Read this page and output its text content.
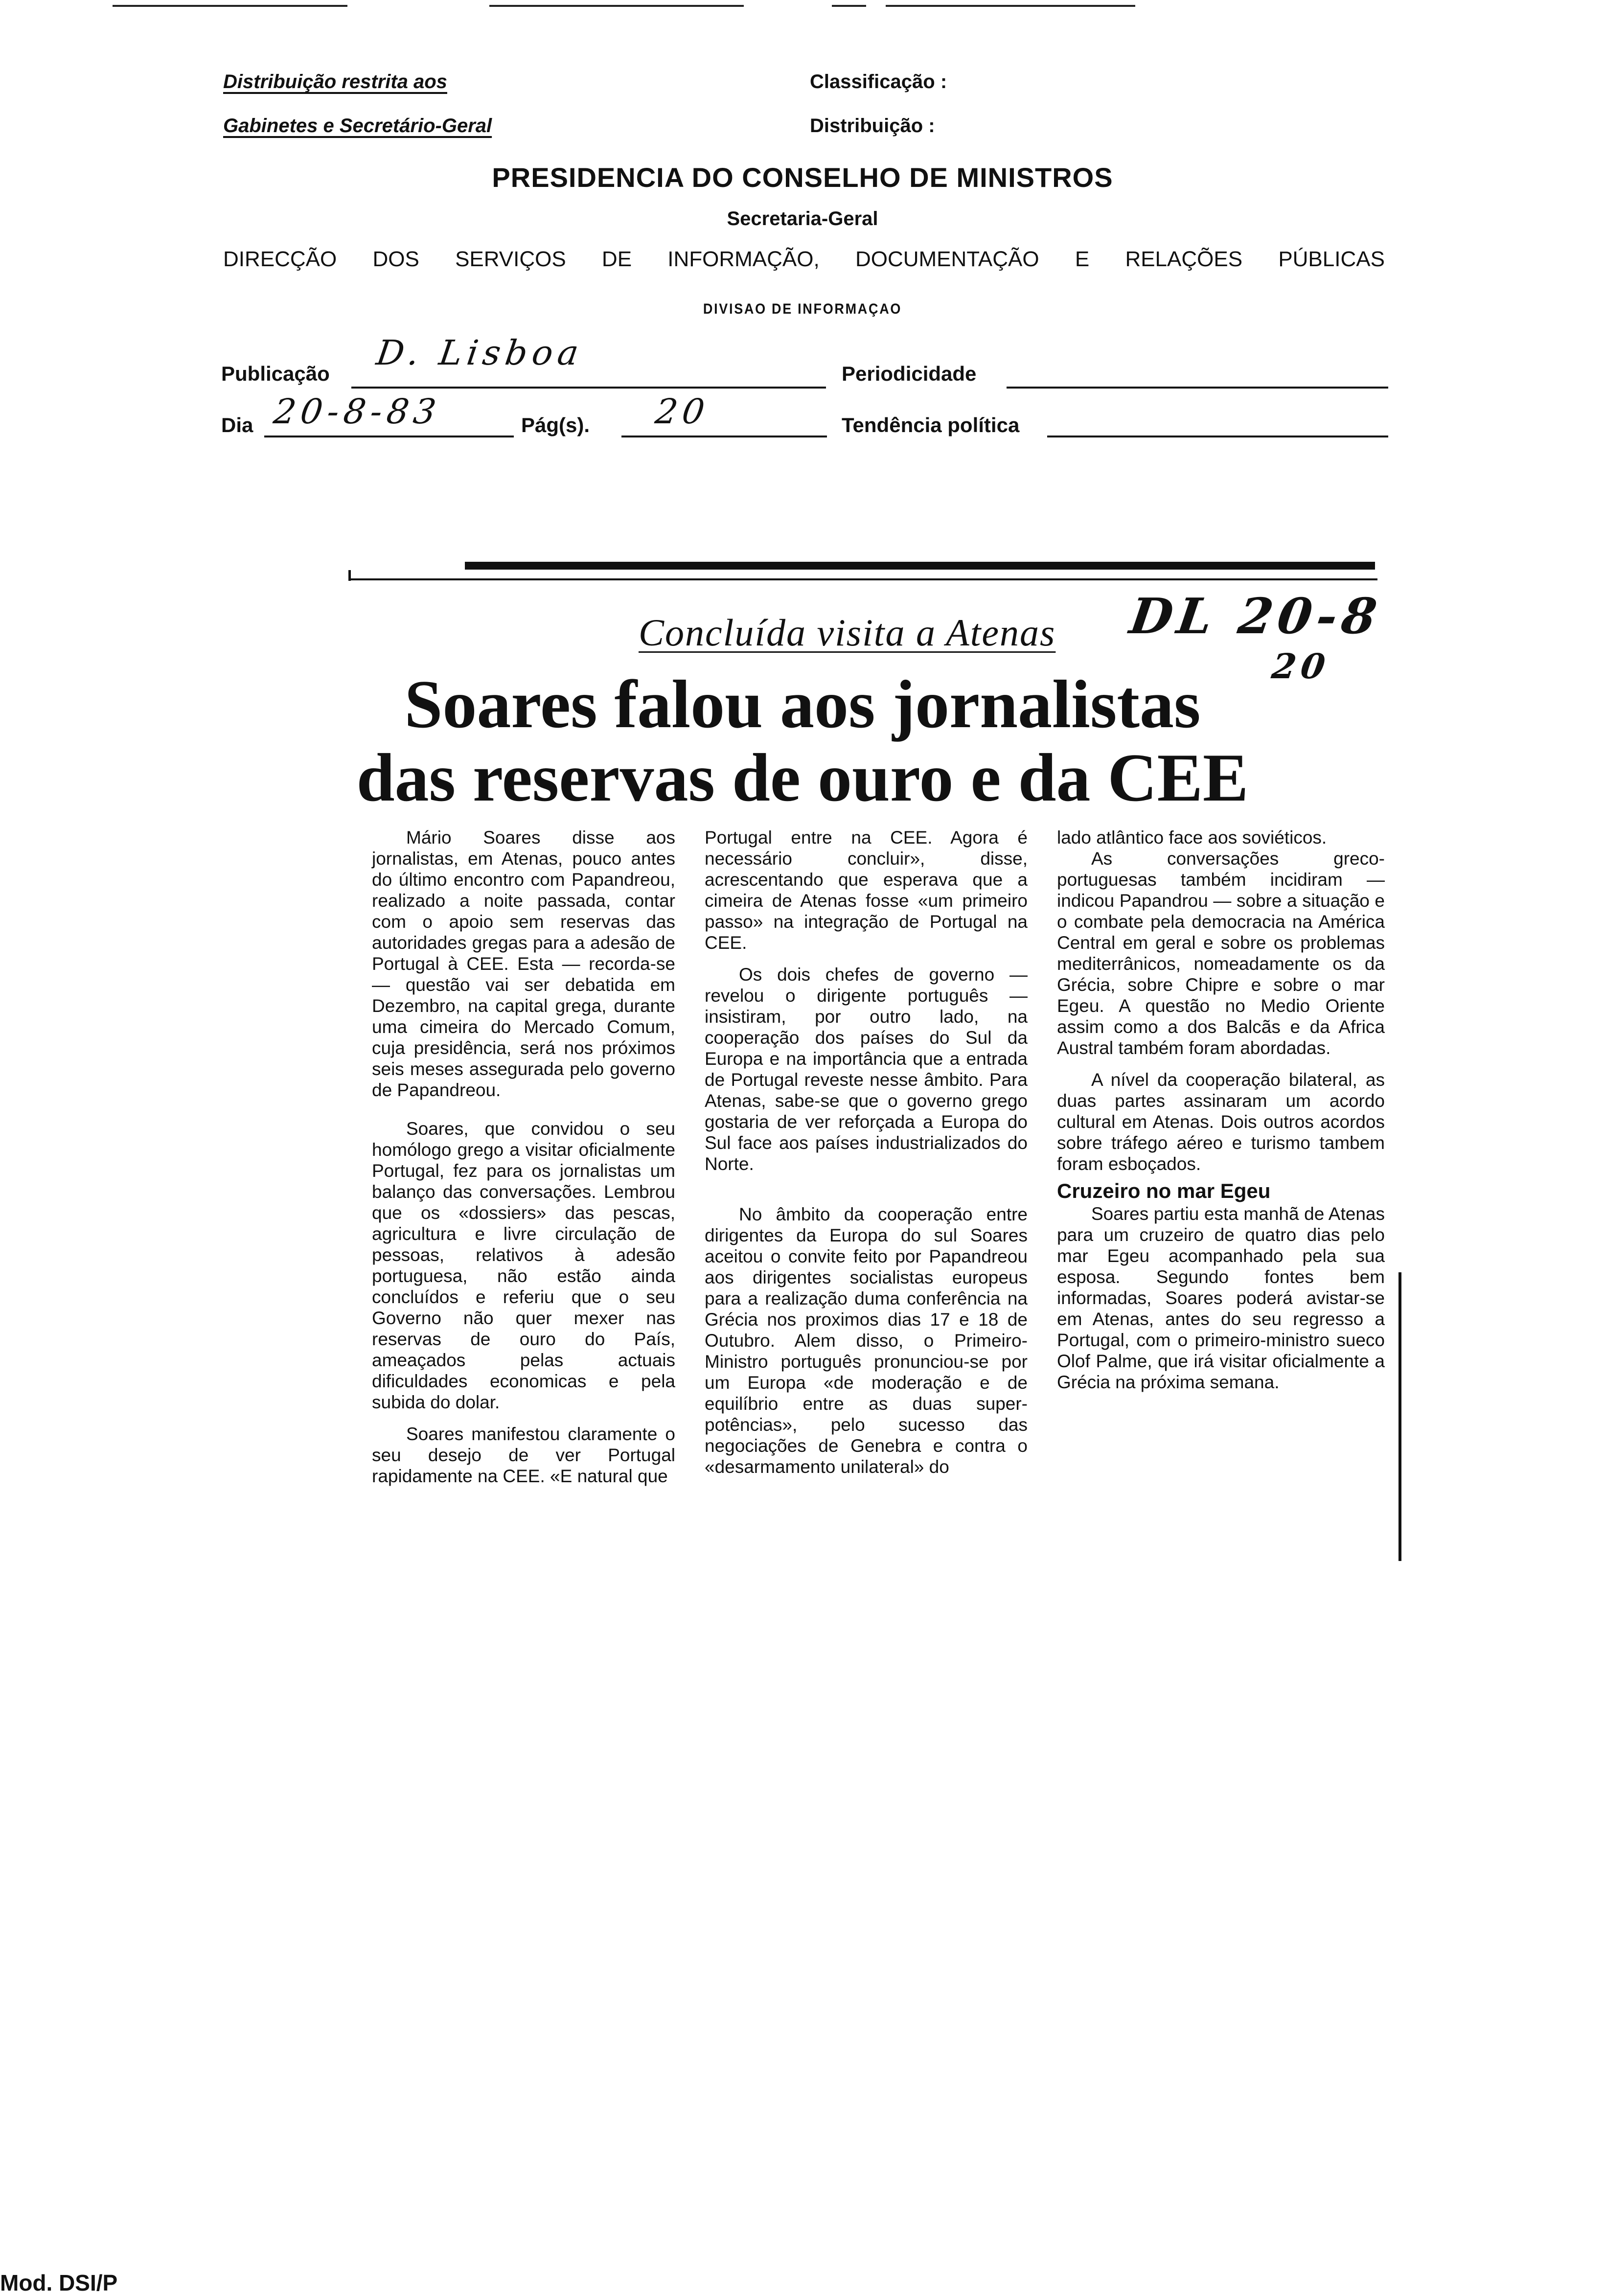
Distribuição restrita aos
Gabinetes e Secretário-Geral
Classificação :
Distribuição :
PRESIDENCIA DO CONSELHO DE MINISTROS
Secretaria-Geral
DIRECÇÃO DOS SERVIÇOS DE INFORMAÇÃO, DOCUMENTAÇÃO E RELAÇÕES PÚBLICAS
DIVISAO DE INFORMAÇAO
Publicação
D. Lisboa
Periodicidade
Dia 20-8-83	Pág(s). 20	Tendência política
Concluída visita a Atenas DL 20-8
20
Soares falou aos jornalistas
das reservas de ouro e da CEE

Mário Soares disse aos jornalistas, em Atenas, pouco antes do último encontro com Papandreou, realizado a noite passada, contar com o apoio sem reservas das autoridades gregas para a adesão de Portugal à CEE. Esta — recorda-se — questão vai ser debatida em Dezembro, na capital grega, durante uma cimeira do Mercado Comum, cuja presidência, será nos próximos seis meses assegurada pelo governo de Papandreou.

Soares, que convidou o seu homólogo grego a visitar oficialmente Portugal, fez para os jornalistas um balanço das conversações. Lembrou que os «dossiers» das pescas, agricultura e livre circulação de pessoas, relativos à adesão portuguesa, não estão ainda concluídos e referiu que o seu Governo não quer mexer nas reservas de ouro do País, ameaçados pelas actuais dificuldades economicas e pela subida do dolar.

Soares manifestou claramente o seu desejo de ver Portugal rapidamente na CEE. «E natural que

Portugal entre na CEE. Agora é necessário concluir», disse, acrescentando que esperava que a cimeira de Atenas fosse «um primeiro passo» na integração de Portugal na CEE.

Os dois chefes de governo — revelou o dirigente português — insistiram, por outro lado, na cooperação dos países do Sul da Europa e na importância que a entrada de Portugal reveste nesse âmbito. Para Atenas, sabe-se que o governo grego gostaria de ver reforçada a Europa do Sul face aos países industrializados do Norte.

No âmbito da cooperação entre dirigentes da Europa do sul Soares aceitou o convite feito por Papandreou aos dirigentes socialistas europeus para a realização duma conferência na Grécia nos proximos dias 17 e 18 de Outubro. Alem disso, o Primeiro-Ministro português pronunciou-se por um Europa «de moderação e de equilíbrio entre as duas super-potências», pelo sucesso das negociações de Genebra e contra o «desarmamento unilateral» do

lado atlântico face aos soviéticos.

As conversações greco-portuguesas também incidiram — indicou Papandrou — sobre a situação e o combate pela democracia na América Central em geral e sobre os problemas mediterrânicos, nomeadamente os da Grécia, sobre Chipre e sobre o mar Egeu. A questão no Medio Oriente assim como a dos Balcãs e da Africa Austral também foram abordadas.

A nível da cooperação bilateral, as duas partes assinaram um acordo cultural em Atenas. Dois outros acordos sobre tráfego aéreo e turismo tambem foram esboçados.

Cruzeiro no mar Egeu

Soares partiu esta manhã de Atenas para um cruzeiro de quatro dias pelo mar Egeu acompanhado pela sua esposa. Segundo fontes bem informadas, Soares poderá avistar-se em Atenas, antes do seu regresso a Portugal, com o primeiro-ministro sueco Olof Palme, que irá visitar oficialmente a Grécia na próxima semana.

Mod. DSI/P
